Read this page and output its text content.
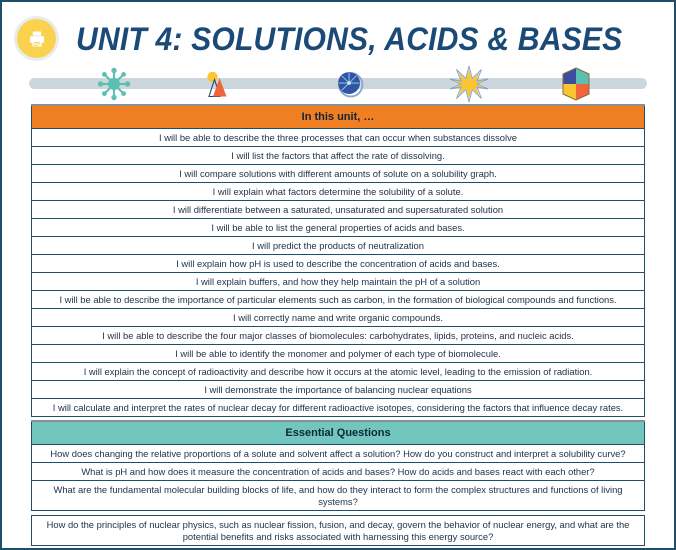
UNIT 4: SOLUTIONS, ACIDS & BASES
In this unit, …
I will be able to describe the three processes that can occur when substances dissolve
I will list the factors that affect the rate of dissolving.
I will compare solutions with different amounts of solute on a solubility graph.
I will explain what factors determine the solubility of a solute.
I will differentiate between a saturated, unsaturated and supersaturated solution
I will be able to list the general properties of acids and bases.
I will predict the products of neutralization
I will explain how pH is used to describe the concentration of acids and bases.
I will explain buffers, and how they help maintain the pH of a solution
I will be able to describe the importance of particular elements such as carbon, in the formation of biological compounds and functions.
I will correctly name and write organic compounds.
I will be able to describe the four major classes of biomolecules: carbohydrates, lipids, proteins, and nucleic acids.
I will be able to identify the monomer and polymer of each type of biomolecule.
I will explain the concept of radioactivity and describe how it occurs at the atomic level, leading to the emission of radiation.
I will demonstrate the importance of balancing nuclear equations
I will calculate and interpret the rates of nuclear decay for different radioactive isotopes, considering the factors that influence decay rates.
Essential Questions
How does changing the relative proportions of a solute and solvent affect a solution? How do you construct and interpret a solubility curve?
What is pH and how does it measure the concentration of acids and bases? How do acids and bases react with each other?
What are the fundamental molecular building blocks of life, and how do they interact to form the complex structures and functions of living systems?

How do the principles of nuclear physics, such as nuclear fission, fusion, and decay, govern the behavior of nuclear energy, and what are the potential benefits and risks associated with harnessing this energy source?
